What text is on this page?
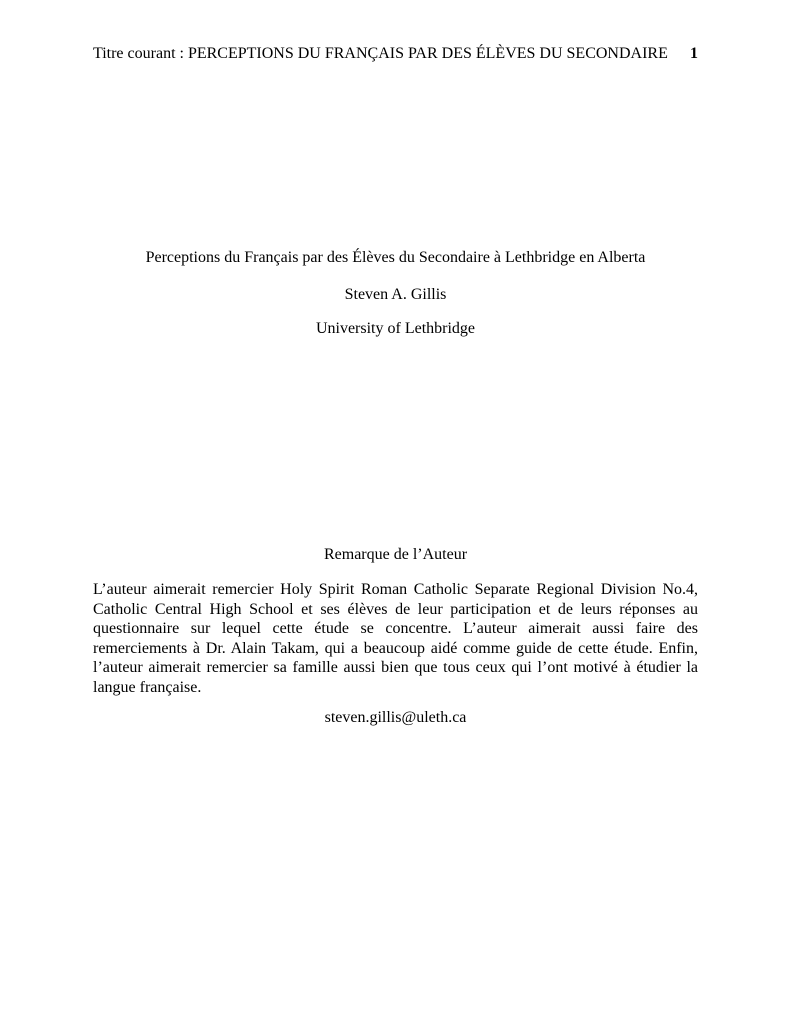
Titre courant : PERCEPTIONS DU FRANÇAIS PAR DES ÉLÈVES DU SECONDAIRE 1
Perceptions du Français par des Élèves du Secondaire à Lethbridge en Alberta
Steven A. Gillis
University of Lethbridge
Remarque de l’Auteur
L’auteur aimerait remercier Holy Spirit Roman Catholic Separate Regional Division No.4,
Catholic Central High School et ses élèves de leur participation et de leurs réponses au
questionnaire sur lequel cette étude se concentre. L’auteur aimerait aussi faire des
remerciements à Dr. Alain Takam, qui a beaucoup aidé comme guide de cette étude. Enfin,
l’auteur aimerait remercier sa famille aussi bien que tous ceux qui l’ont motivé à étudier la
langue française.
steven.gillis@uleth.ca
